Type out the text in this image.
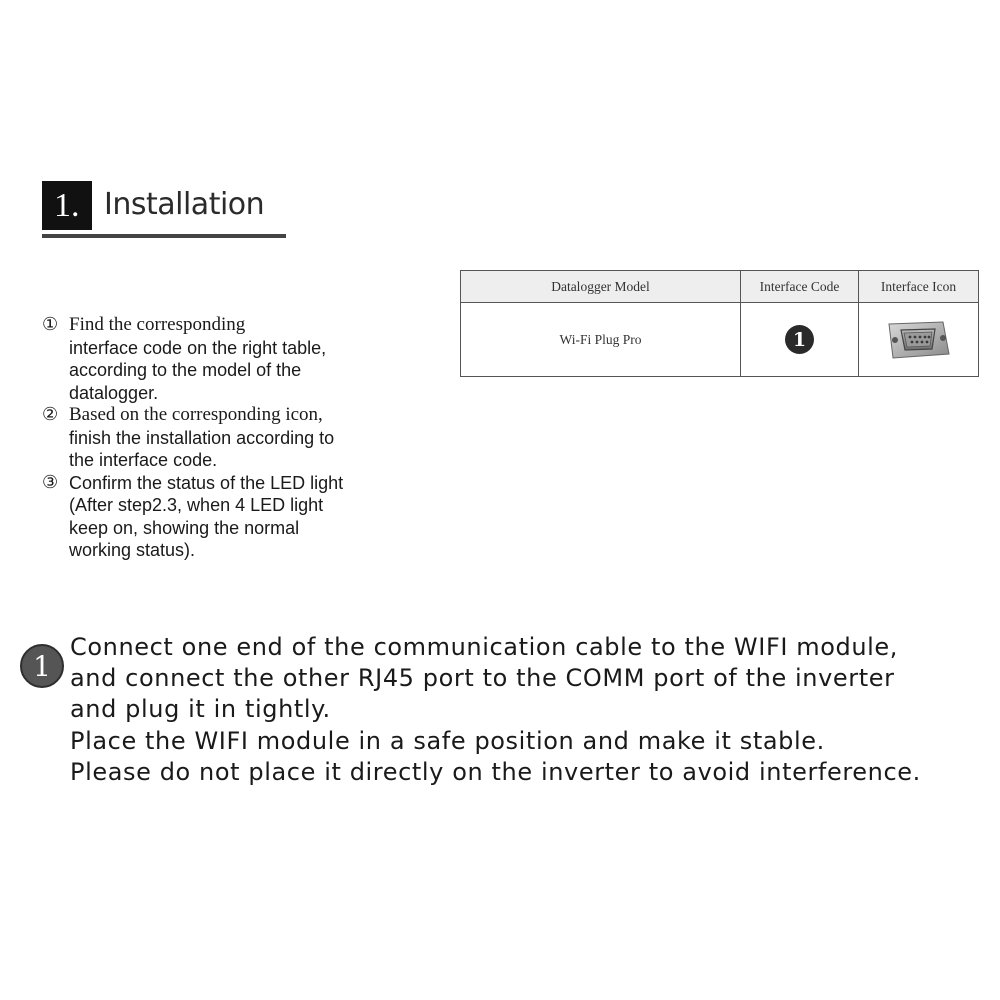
1. Installation
① Find the corresponding
interface code on the right table,
according to the model of the
datalogger.
② Based on the corresponding icon,
finish the installation according to
the interface code.
③ Confirm the status of the LED light
(After step2.3, when 4 LED light
keep on, showing the normal
working status).
Datalogger Model	Interface Code	Interface Icon
Wi-Fi Plug Pro	1
1
Connect one end of the communication cable to the WIFI module,
and connect the other RJ45 port to the COMM port of the inverter
and plug it in tightly.
Place the WIFI module in a safe position and make it stable.
Please do not place it directly on the inverter to avoid interference.
